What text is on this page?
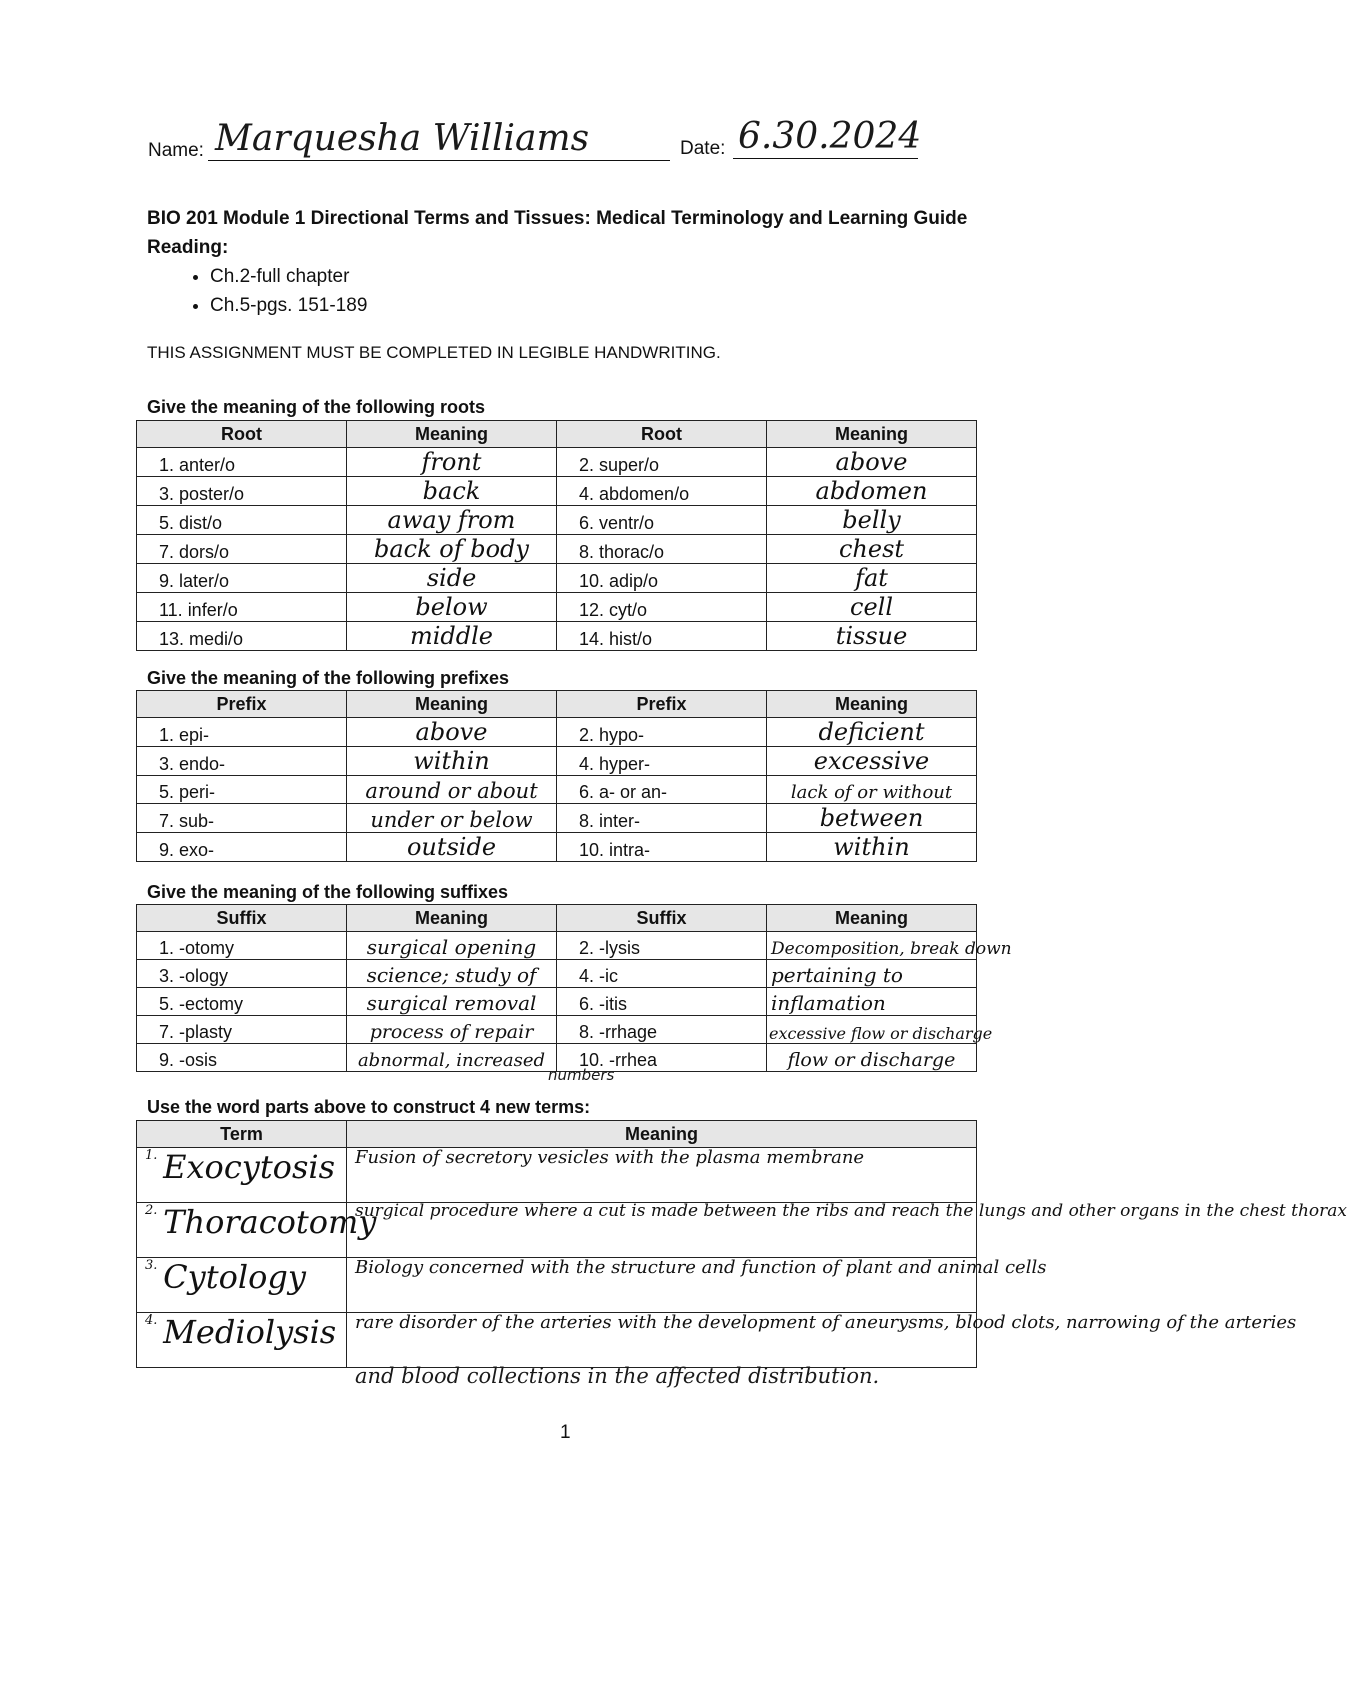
Name: Marquesha Williams	Date: 6.30.2024
BIO 201 Module 1 Directional Terms and Tissues: Medical Terminology and Learning Guide
Reading:
• Ch.2-full chapter
• Ch.5-pgs. 151-189
THIS ASSIGNMENT MUST BE COMPLETED IN LEGIBLE HANDWRITING.
Give the meaning of the following roots
Root	Meaning	Root	Meaning
1. anter/o	front	2. super/o	above
3. poster/o	back	4. abdomen/o	abdomen
5. dist/o	away from	6. ventr/o	belly
7. dors/o	back of body	8. thorac/o	chest
9. later/o	side	10. adip/o	fat
11. infer/o	below	12. cyt/o	cell
13. medi/o	middle	14. hist/o	tissue
Give the meaning of the following prefixes
Prefix	Meaning	Prefix	Meaning
1. epi-	above	2. hypo-	deficient
3. endo-	within	4. hyper-	excessive
5. peri-	around or about	6. a- or an-	lack of or without
7. sub-	under or below	8. inter-	between
9. exo-	outside	10. intra-	within
Give the meaning of the following suffixes
Suffix	Meaning	Suffix	Meaning
1. -otomy	surgical opening	2. -lysis	Decomposition, break down
3. -ology	science; study of	4. -ic	pertaining to
5. -ectomy	surgical removal	6. -itis	inflamation
7. -plasty	process of repair	8. -rrhage	excessive flow or discharge
9. -osis	abnormal, increased	10. -rrhea	flow or discharge
numbers
Use the word parts above to construct 4 new terms:
Term	Meaning
$^{1.}$ Exocytosis	Fusion of secretory vesicles with the plasma membrane
$^{2.}$ Thoracotomy	surgical procedure where a cut is made between the ribs and reach the lungs and other organs in the chest thorax
$^{3.}$ Cytology	Biology concerned with the structure and function of plant and animal cells
$^{4.}$ Mediolysis	rare disorder of the arteries with the development of aneurysms, blood clots, narrowing of the arteries
and blood collections in the affected distribution.
1
